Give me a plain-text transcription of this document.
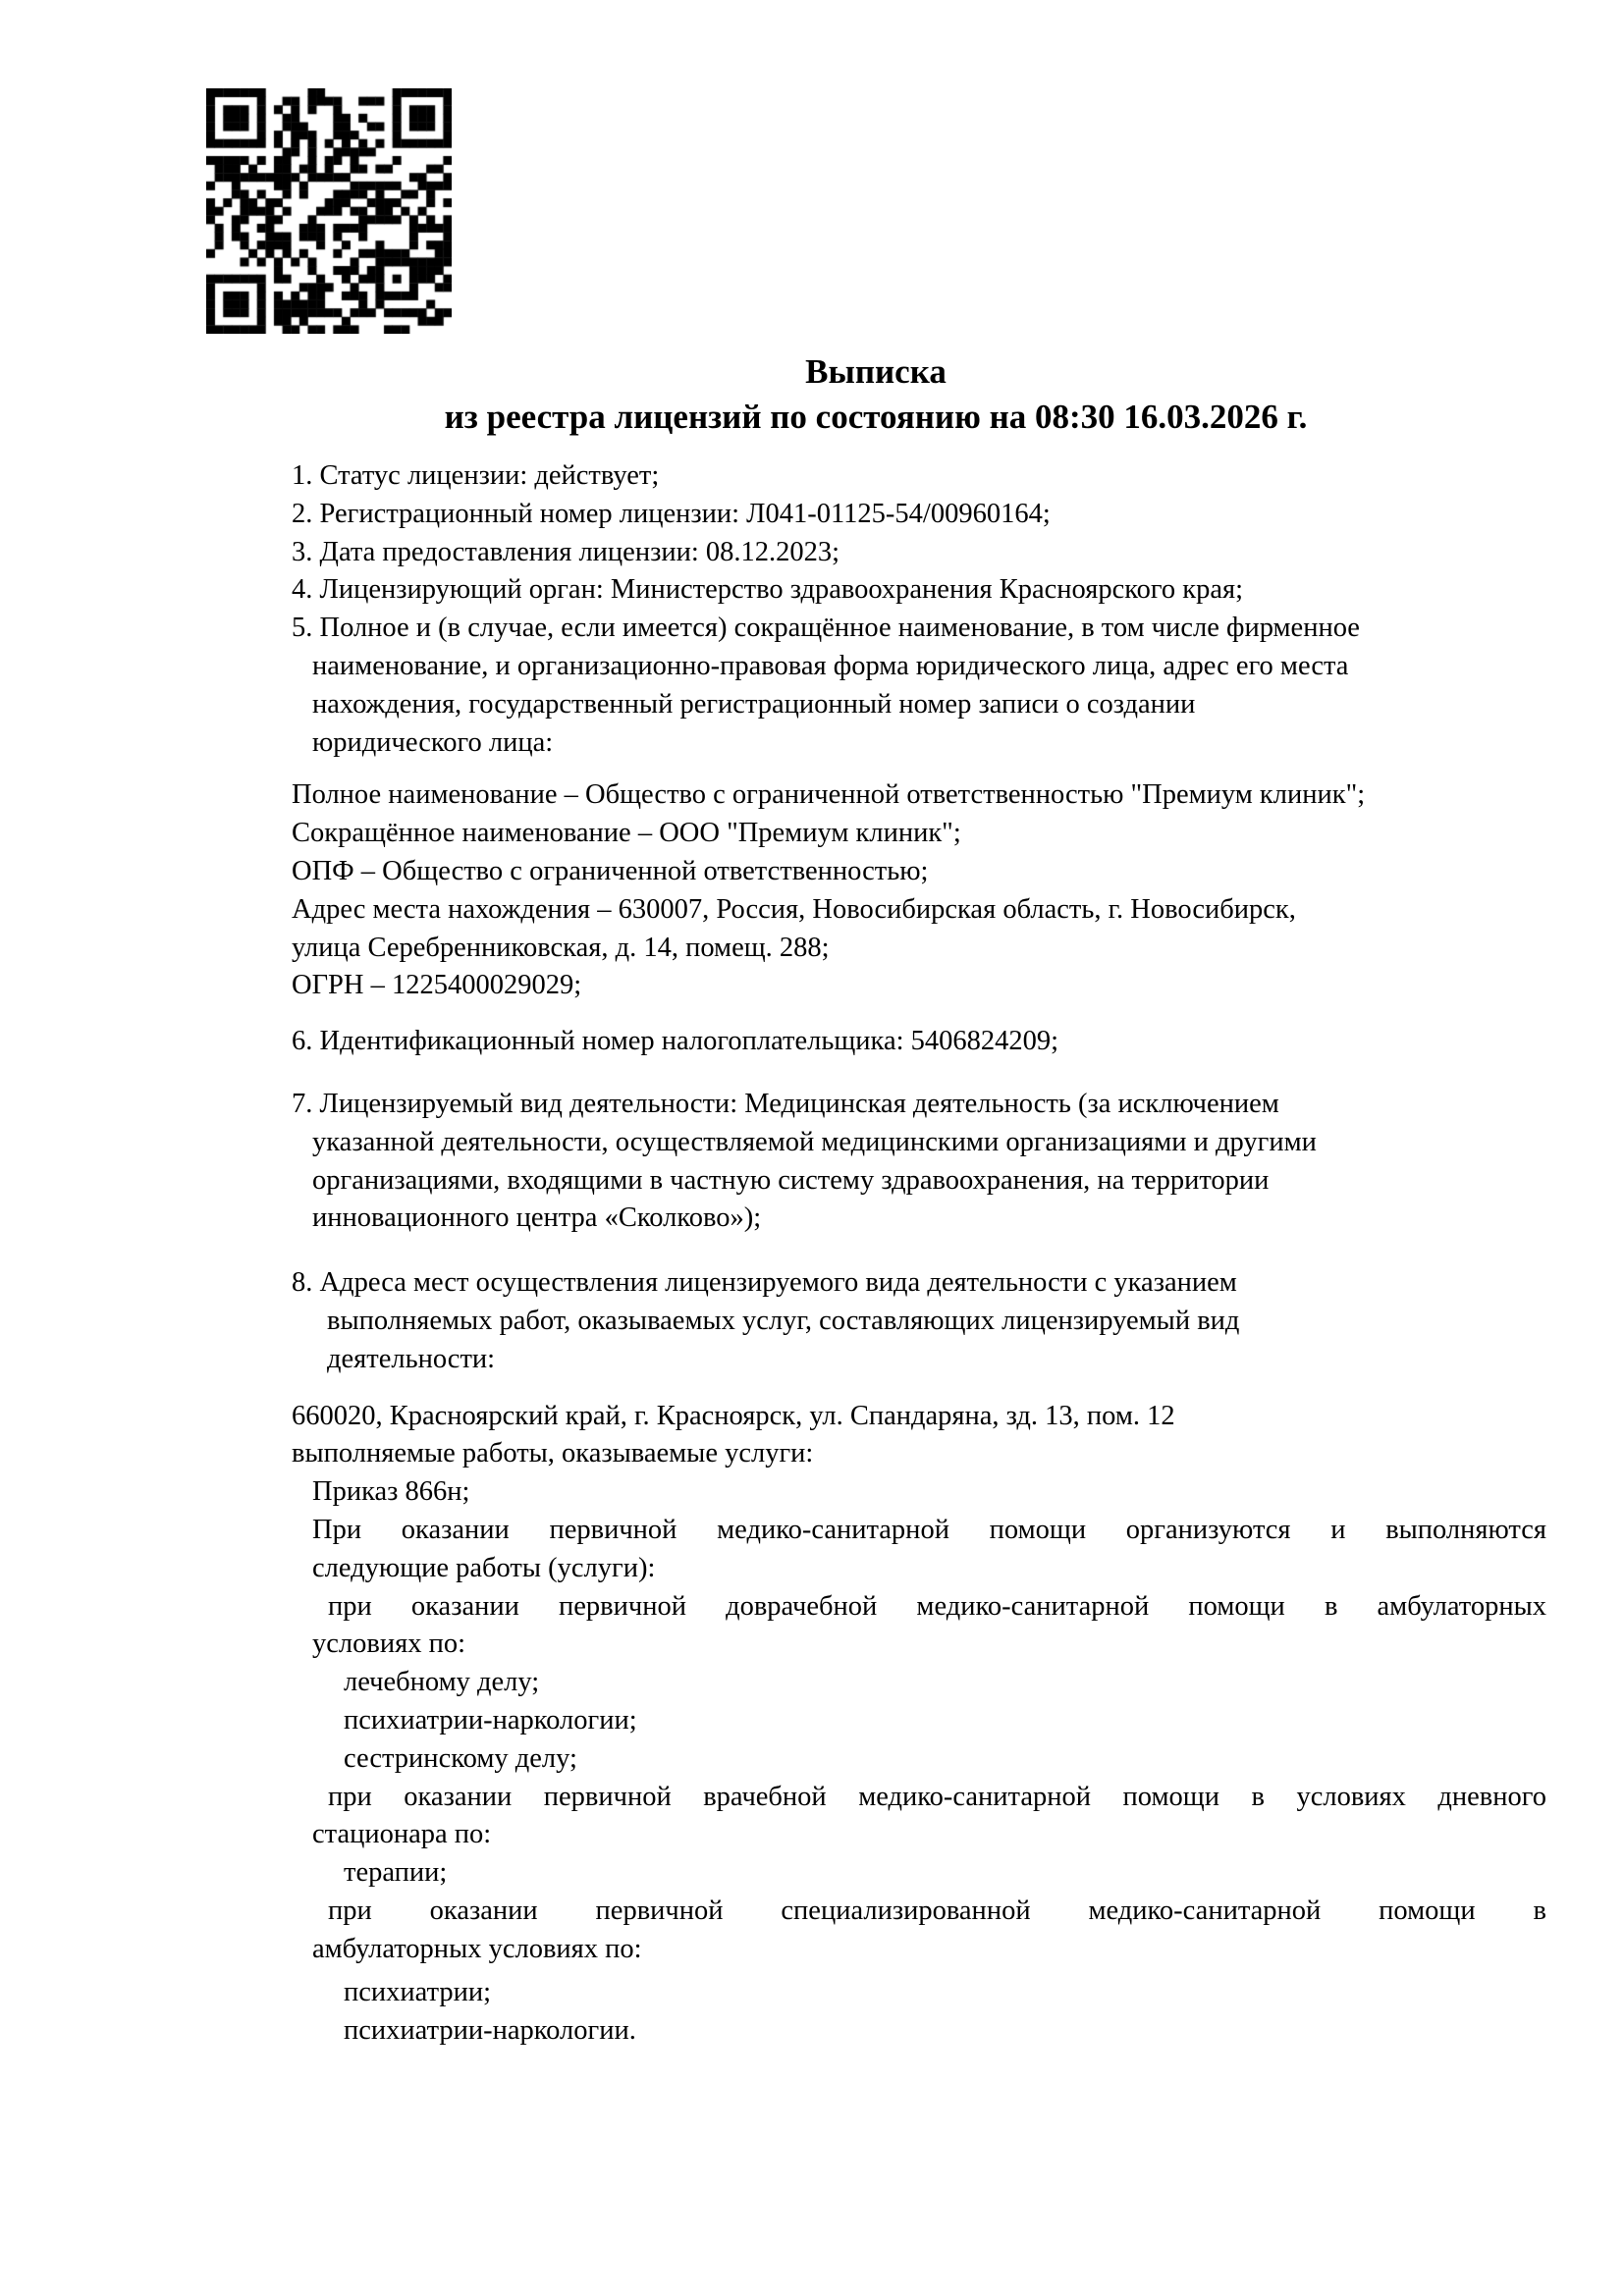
Выписка
из реестра лицензий по состоянию на 08:30 16.03.2026 г.

1. Статус лицензии: действует;

2. Регистрационный номер лицензии: Л041-01125-54/00960164;

3. Дата предоставления лицензии: 08.12.2023;

4. Лицензирующий орган: Министерство здравоохранения Красноярского края;

5. Полное и (в случае, если имеется) сокращённое наименование, в том числе фирменное

наименование, и организационно-правовая форма юридического лица, адрес его места

нахождения, государственный регистрационный номер записи о создании

юридического лица:

Полное наименование – Общество с ограниченной ответственностью "Премиум клиник";

Сокращённое наименование – ООО "Премиум клиник";

ОПФ – Общество с ограниченной ответственностью;

Адрес места нахождения – 630007, Россия, Новосибирская область, г. Новосибирск,

улица Серебренниковская, д. 14, помещ. 288;

ОГРН – 1225400029029;

6. Идентификационный номер налогоплательщика: 5406824209;

7. Лицензируемый вид деятельности: Медицинская деятельность (за исключением

указанной деятельности, осуществляемой медицинскими организациями и другими

организациями, входящими в частную систему здравоохранения, на территории

инновационного центра «Сколково»);

8. Адреса мест осуществления лицензируемого вида деятельности с указанием

выполняемых работ, оказываемых услуг, составляющих лицензируемый вид

деятельности:

660020, Красноярский край, г. Красноярск, ул. Спандаряна, зд. 13, пом. 12

выполняемые работы, оказываемые услуги:

Приказ 866н;

При оказании первичной медико-санитарной помощи организуются и выполняются

следующие работы (услуги):

при оказании первичной доврачебной медико-санитарной помощи в амбулаторных

условиях по:

лечебному делу;

психиатрии-наркологии;

сестринскому делу;

при оказании первичной врачебной медико-санитарной помощи в условиях дневного

стационара по:

терапии;

при оказании первичной специализированной медико-санитарной помощи в

амбулаторных условиях по:

психиатрии;

психиатрии-наркологии.
